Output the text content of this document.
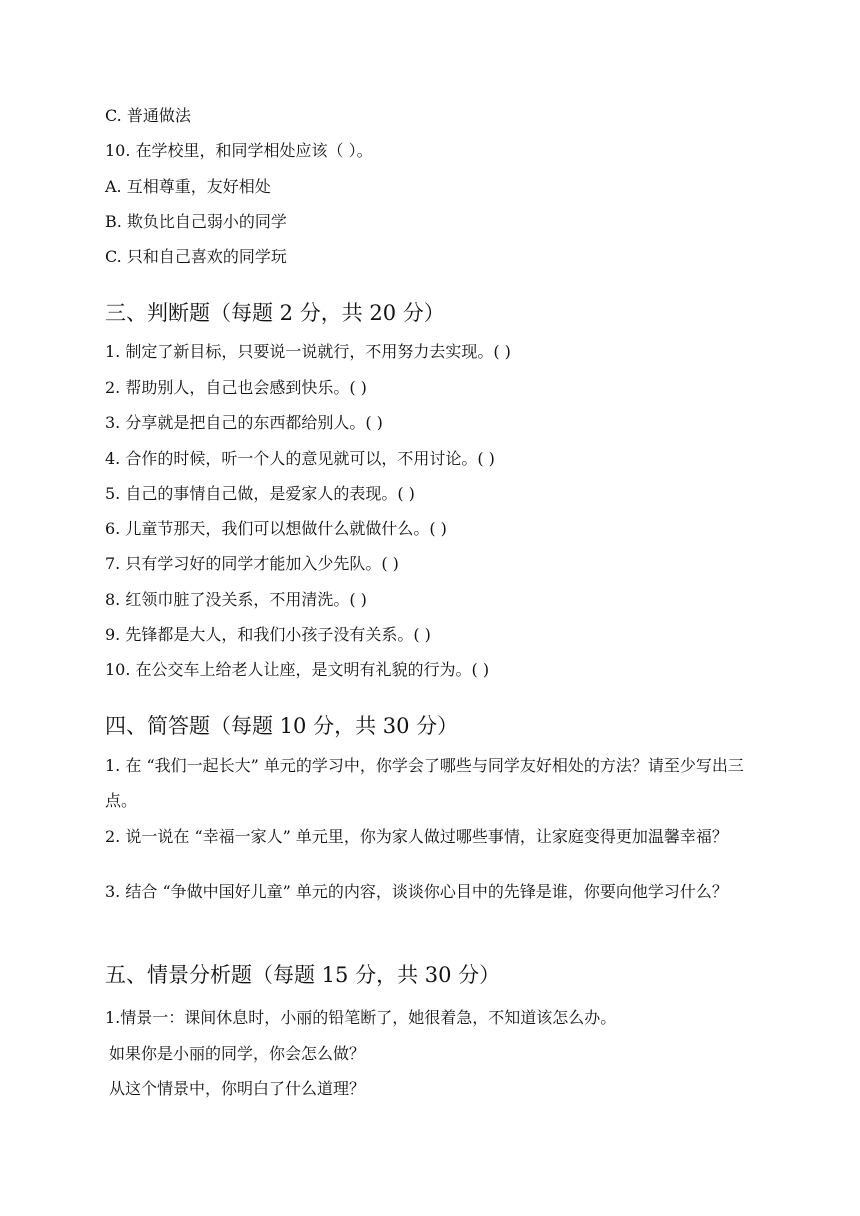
C. 普通做法
10. 在学校里，和同学相处应该（ ）。
A. 互相尊重，友好相处
B. 欺负比自己弱小的同学
C. 只和自己喜欢的同学玩
三、判断题（每题 2 分，共 20 分）
1. 制定了新目标，只要说一说就行，不用努力去实现。( )
2. 帮助别人，自己也会感到快乐。( )
3. 分享就是把自己的东西都给别人。( )
4. 合作的时候，听一个人的意见就可以，不用讨论。( )
5. 自己的事情自己做，是爱家人的表现。( )
6. 儿童节那天，我们可以想做什么就做什么。( )
7. 只有学习好的同学才能加入少先队。( )
8. 红领巾脏了没关系，不用清洗。( )
9. 先锋都是大人，和我们小孩子没有关系。( )
10. 在公交车上给老人让座，是文明有礼貌的行为。( )
四、简答题（每题 10 分，共 30 分）
1. 在 “我们一起长大” 单元的学习中，你学会了哪些与同学友好相处的方法？请至少写出三点。
2. 说一说在 “幸福一家人” 单元里，你为家人做过哪些事情，让家庭变得更加温馨幸福？
3. 结合 “争做中国好儿童” 单元的内容，谈谈你心目中的先锋是谁，你要向他学习什么？
五、情景分析题（每题 15 分，共 30 分）
1.情景一：课间休息时，小丽的铅笔断了，她很着急，不知道该怎么办。
如果你是小丽的同学，你会怎么做？
从这个情景中，你明白了什么道理？
